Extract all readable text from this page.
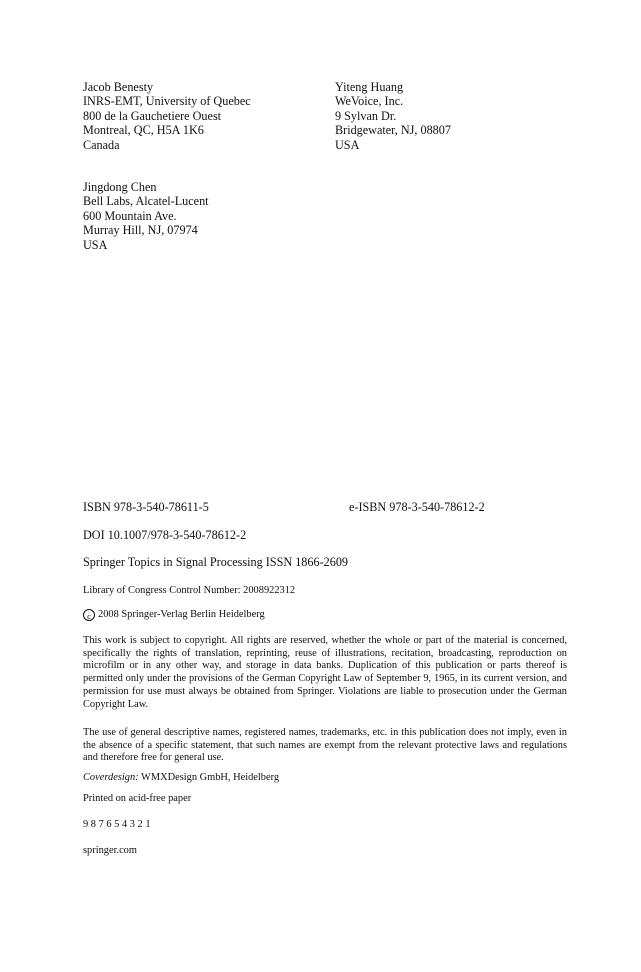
Jacob Benesty
INRS-EMT, University of Quebec
800 de la Gauchetiere Ouest
Montreal, QC, H5A 1K6
Canada
Yiteng Huang
WeVoice, Inc.
9 Sylvan Dr.
Bridgewater, NJ, 08807
USA
Jingdong Chen
Bell Labs, Alcatel-Lucent
600 Mountain Ave.
Murray Hill, NJ, 07974
USA
ISBN 978-3-540-78611-5	e-ISBN 978-3-540-78612-2
DOI 10.1007/978-3-540-78612-2
Springer Topics in Signal Processing ISSN 1866-2609
Library of Congress Control Number: 2008922312
c 2008 Springer-Verlag Berlin Heidelberg
This work is subject to copyright. All rights are reserved, whether the whole or part of the material is concerned, specifically the rights of translation, reprinting, reuse of illustrations, recitation, broadcasting, reproduction on microfilm or in any other way, and storage in data banks. Duplication of this publication or parts thereof is permitted only under the provisions of the German Copyright Law of September 9, 1965, in its current version, and permission for use must always be obtained from Springer. Violations are liable to prosecution under the German Copyright Law.
The use of general descriptive names, registered names, trademarks, etc. in this publication does not imply, even in the absence of a specific statement, that such names are exempt from the relevant protective laws and regulations and therefore free for general use.
Coverdesign: WMXDesign GmbH, Heidelberg
Printed on acid-free paper
9 8 7 6 5 4 3 2 1
springer.com
